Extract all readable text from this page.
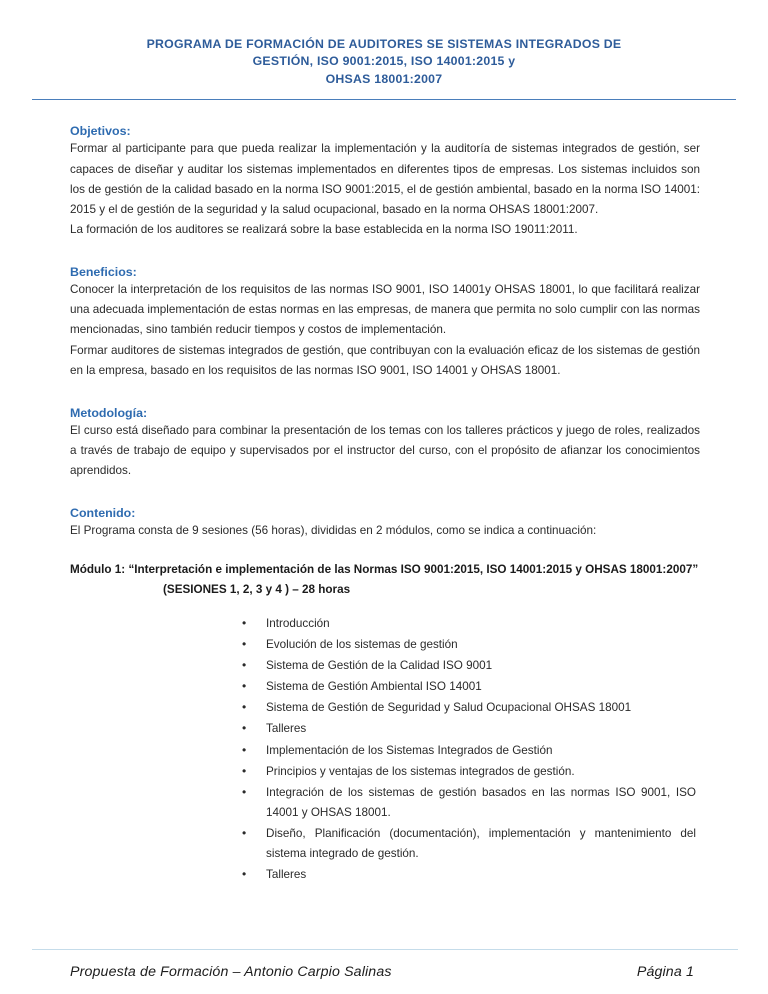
PROGRAMA DE FORMACIÓN DE AUDITORES SE SISTEMAS INTEGRADOS DE
GESTIÓN, ISO 9001:2015, ISO 14001:2015 y
OHSAS 18001:2007
Objetivos:

Formar al participante para que pueda realizar la implementación y la auditoría de sistemas integrados de gestión, ser capaces de diseñar y auditar los sistemas implementados en diferentes tipos de empresas. Los sistemas incluidos son los de gestión de la calidad basado en la norma ISO 9001:2015, el de gestión ambiental, basado en la norma ISO 14001: 2015 y el de gestión de la seguridad y la salud ocupacional, basado en la norma OHSAS 18001:2007.

La formación de los auditores se realizará sobre la base establecida en la norma ISO 19011:2011.

Beneficios:

Conocer la interpretación de los requisitos de las normas ISO 9001, ISO 14001y OHSAS 18001, lo que facilitará realizar una adecuada implementación de estas normas en las empresas, de manera que permita no solo cumplir con las normas mencionadas, sino también reducir tiempos y costos de implementación.

Formar auditores de sistemas integrados de gestión, que contribuyan con la evaluación eficaz de los sistemas de gestión en la empresa, basado en los requisitos de las normas ISO 9001, ISO 14001 y OHSAS 18001.

Metodología:

El curso está diseñado para combinar la presentación de los temas con los talleres prácticos y juego de roles, realizados a través de trabajo de equipo y supervisados por el instructor del curso, con el propósito de afianzar los conocimientos aprendidos.

Contenido:

El Programa consta de 9 sesiones (56 horas), divididas en 2 módulos, como se indica a continuación:

Módulo 1: “Interpretación e implementación de las Normas ISO 9001:2015, ISO 14001:2015 y OHSAS 18001:2007”

(SESIONES 1, 2, 3 y 4 ) – 28 horas

• Introducción
• Evolución de los sistemas de gestión
• Sistema de Gestión de la Calidad ISO 9001
• Sistema de Gestión Ambiental ISO 14001
• Sistema de Gestión de Seguridad y Salud Ocupacional OHSAS 18001
• Talleres
• Implementación de los Sistemas Integrados de Gestión
• Principios y ventajas de los sistemas integrados de gestión.
• Integración de los sistemas de gestión basados en las normas ISO 9001, ISO 14001 y OHSAS 18001.
• Diseño, Planificación (documentación), implementación y mantenimiento del sistema integrado de gestión.
• Talleres
Propuesta de Formación – Antonio Carpio Salinas	Página 1
